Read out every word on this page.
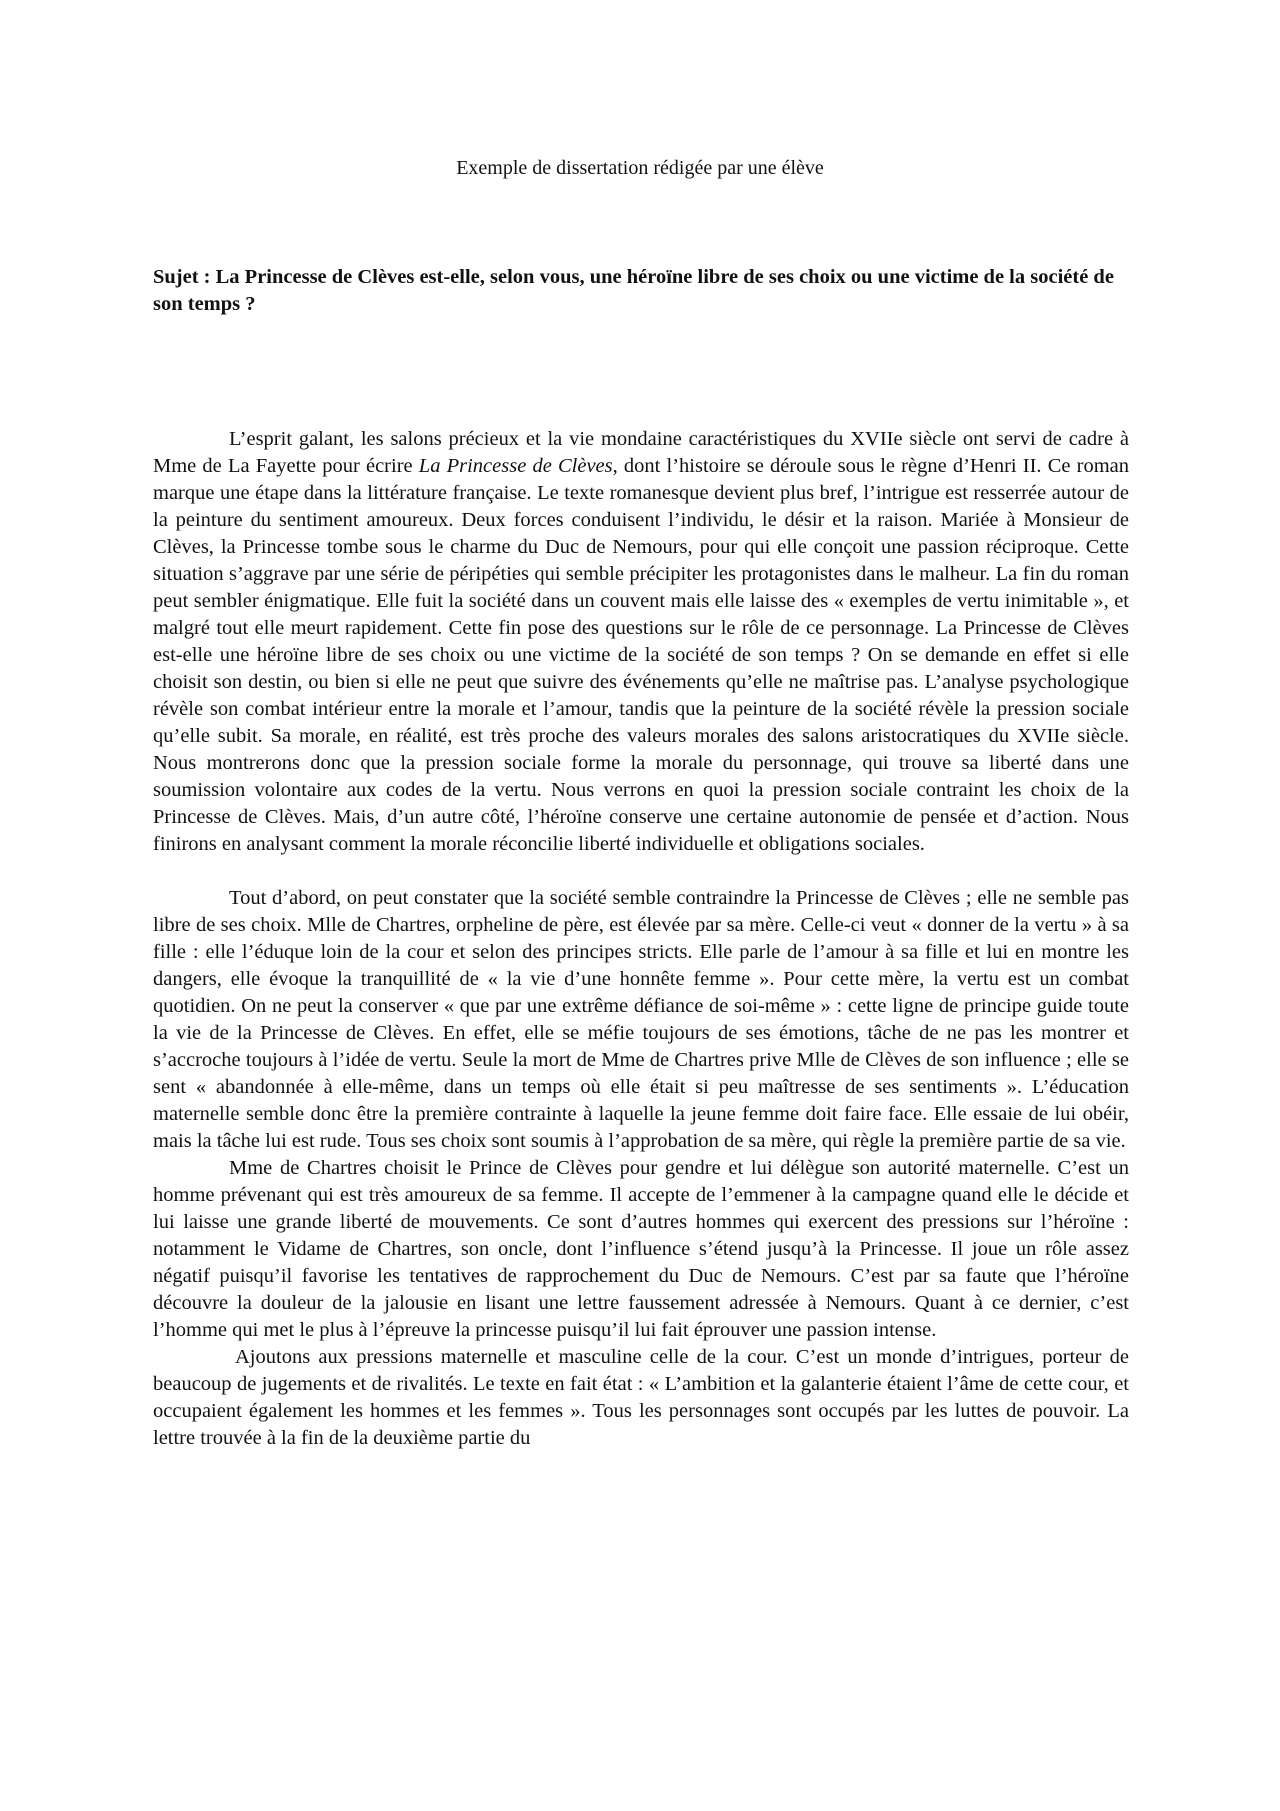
Exemple de dissertation rédigée par une élève
Sujet : La Princesse de Clèves est-elle, selon vous, une héroïne libre de ses choix ou une victime de la société de son temps ?

L’esprit galant, les salons précieux et la vie mondaine caractéristiques du XVIIe siècle ont servi de cadre à Mme de La Fayette pour écrire La Princesse de Clèves, dont l’histoire se déroule sous le règne d’Henri II. Ce roman marque une étape dans la littérature française. Le texte romanesque devient plus bref, l’intrigue est resserrée autour de la peinture du sentiment amoureux. Deux forces conduisent l’individu, le désir et la raison. Mariée à Monsieur de Clèves, la Princesse tombe sous le charme du Duc de Nemours, pour qui elle conçoit une passion réciproque. Cette situation s’aggrave par une série de péripéties qui semble précipiter les protagonistes dans le malheur. La fin du roman peut sembler énigmatique. Elle fuit la société dans un couvent mais elle laisse des « exemples de vertu inimitable », et malgré tout elle meurt rapidement. Cette fin pose des questions sur le rôle de ce personnage. La Princesse de Clèves est-elle une héroïne libre de ses choix ou une victime de la société de son temps ? On se demande en effet si elle choisit son destin, ou bien si elle ne peut que suivre des événements qu’elle ne maîtrise pas. L’analyse psychologique révèle son combat intérieur entre la morale et l’amour, tandis que la peinture de la société révèle la pression sociale qu’elle subit. Sa morale, en réalité, est très proche des valeurs morales des salons aristocratiques du XVIIe siècle. Nous montrerons donc que la pression sociale forme la morale du personnage, qui trouve sa liberté dans une soumission volontaire aux codes de la vertu. Nous verrons en quoi la pression sociale contraint les choix de la Princesse de Clèves. Mais, d’un autre côté, l’héroïne conserve une certaine autonomie de pensée et d’action. Nous finirons en analysant comment la morale réconcilie liberté individuelle et obligations sociales.

Tout d’abord, on peut constater que la société semble contraindre la Princesse de Clèves ; elle ne semble pas libre de ses choix. Mlle de Chartres, orpheline de père, est élevée par sa mère. Celle-ci veut « donner de la vertu » à sa fille : elle l’éduque loin de la cour et selon des principes stricts. Elle parle de l’amour à sa fille et lui en montre les dangers, elle évoque la tranquillité de « la vie d’une honnête femme ». Pour cette mère, la vertu est un combat quotidien. On ne peut la conserver « que par une extrême défiance de soi-même » : cette ligne de principe guide toute la vie de la Princesse de Clèves. En effet, elle se méfie toujours de ses émotions, tâche de ne pas les montrer et s’accroche toujours à l’idée de vertu. Seule la mort de Mme de Chartres prive Mlle de Clèves de son influence ; elle se sent « abandonnée à elle-même, dans un temps où elle était si peu maîtresse de ses sentiments ». L’éducation maternelle semble donc être la première contrainte à laquelle la jeune femme doit faire face. Elle essaie de lui obéir, mais la tâche lui est rude. Tous ses choix sont soumis à l’approbation de sa mère, qui règle la première partie de sa vie.

Mme de Chartres choisit le Prince de Clèves pour gendre et lui délègue son autorité maternelle. C’est un homme prévenant qui est très amoureux de sa femme. Il accepte de l’emmener à la campagne quand elle le décide et lui laisse une grande liberté de mouvements. Ce sont d’autres hommes qui exercent des pressions sur l’héroïne : notamment le Vidame de Chartres, son oncle, dont l’influence s’étend jusqu’à la Princesse. Il joue un rôle assez négatif puisqu’il favorise les tentatives de rapprochement du Duc de Nemours. C’est par sa faute que l’héroïne découvre la douleur de la jalousie en lisant une lettre faussement adressée à Nemours. Quant à ce dernier, c’est l’homme qui met le plus à l’épreuve la princesse puisqu’il lui fait éprouver une passion intense.

Ajoutons aux pressions maternelle et masculine celle de la cour. C’est un monde d’intrigues, porteur de beaucoup de jugements et de rivalités. Le texte en fait état : « L’ambition et la galanterie étaient l’âme de cette cour, et occupaient également les hommes et les femmes ». Tous les personnages sont occupés par les luttes de pouvoir. La lettre trouvée à la fin de la deuxième partie du
